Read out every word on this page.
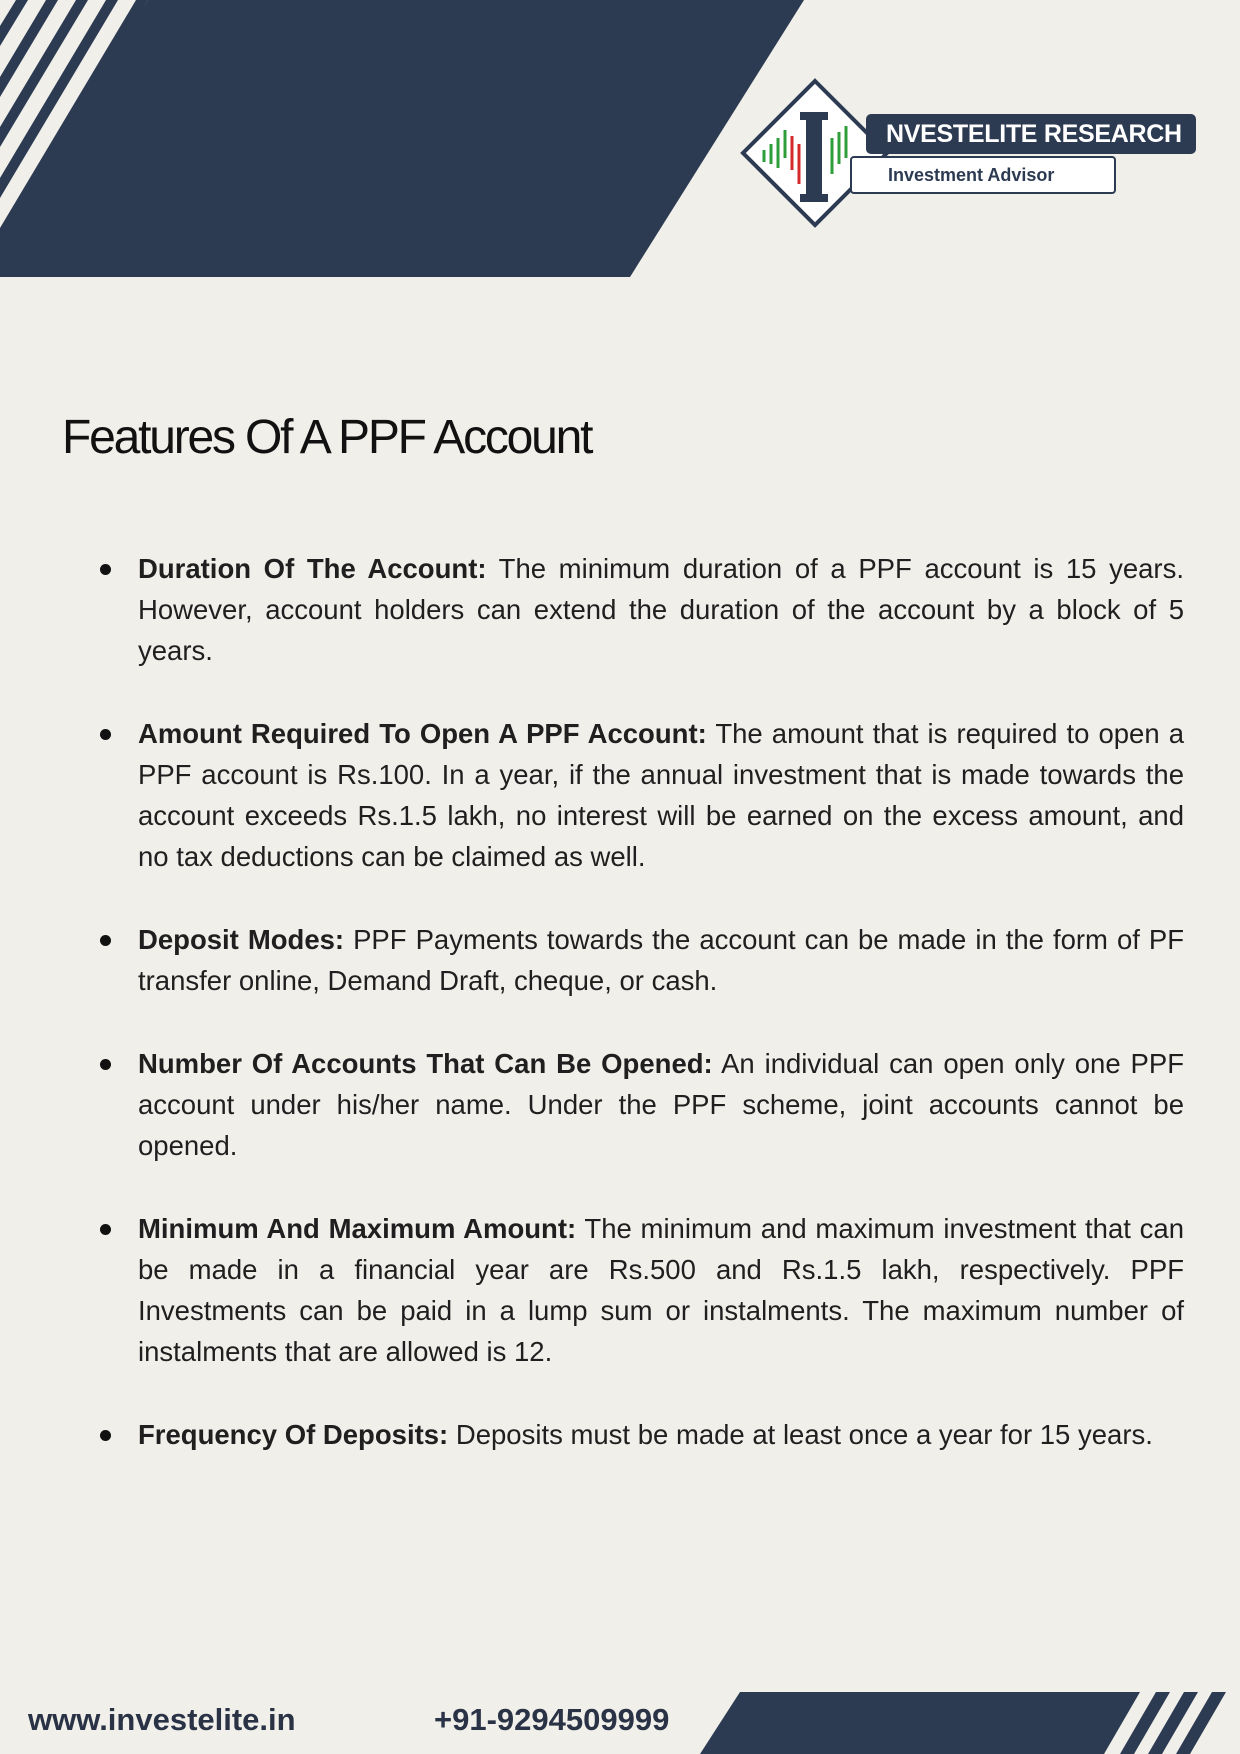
NVESTELITE RESEARCH
Investment Advisor
Features Of A PPF Account
Duration Of The Account: The minimum duration of a PPF account is 15 years. However, account holders can extend the duration of the account by a block of 5 years.
Amount Required To Open A PPF Account: The amount that is required to open a PPF account is Rs.100. In a year, if the annual investment that is made towards the account exceeds Rs.1.5 lakh, no interest will be earned on the excess amount, and no tax deductions can be claimed as well.
Deposit Modes: PPF Payments towards the account can be made in the form of PF transfer online, Demand Draft, cheque, or cash.
Number Of Accounts That Can Be Opened: An individual can open only one PPF account under his/her name. Under the PPF scheme, joint accounts cannot be opened.
Minimum And Maximum Amount: The minimum and maximum investment that can be made in a financial year are Rs.500 and Rs.1.5 lakh, respectively. PPF Investments can be paid in a lump sum or instalments. The maximum number of instalments that are allowed is 12.
Frequency Of Deposits: Deposits must be made at least once a year for 15 years.
www.investelite.in	+91-9294509999
